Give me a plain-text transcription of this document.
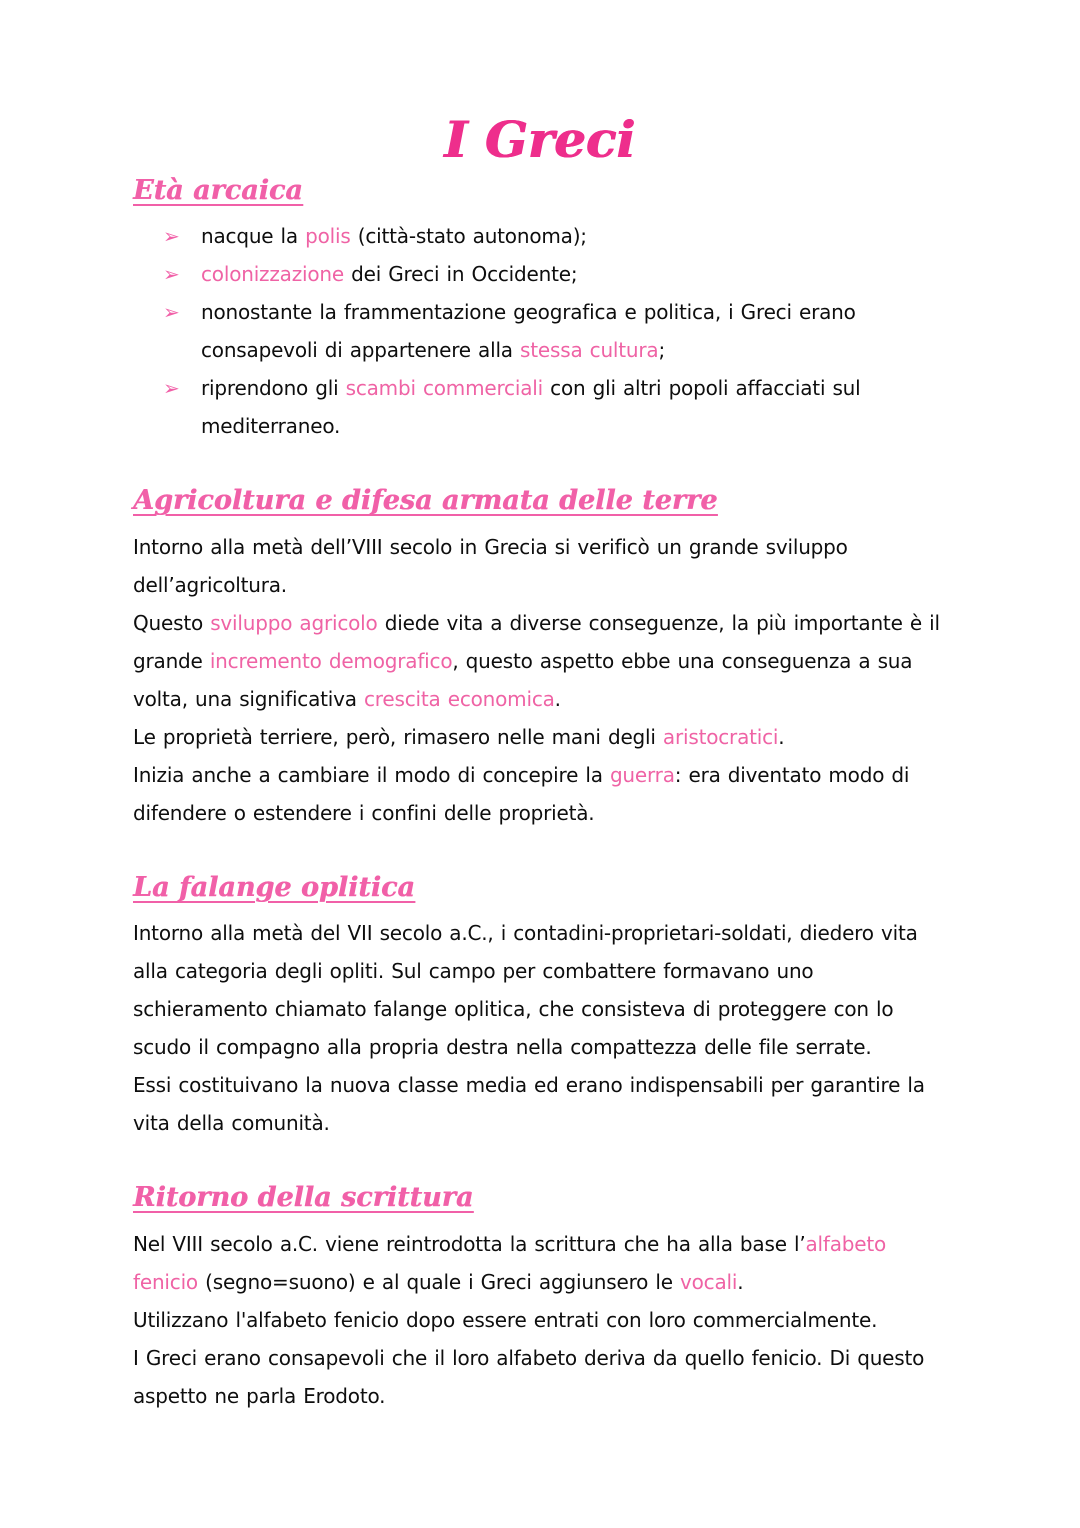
I Greci
Età arcaica
➢ nacque la polis (città-stato autonoma);
➢ colonizzazione dei Greci in Occidente;
➢ nonostante la frammentazione geografica e politica, i Greci erano consapevoli di appartenere alla stessa cultura;
➢ riprendono gli scambi commerciali con gli altri popoli affacciati sul mediterraneo.
Agricoltura e difesa armata delle terre

Intorno alla metà dell’VIII secolo in Grecia si verificò un grande sviluppo dell’agricoltura.

Questo sviluppo agricolo diede vita a diverse conseguenze, la più importante è il grande incremento demografico, questo aspetto ebbe una conseguenza a sua volta, una significativa crescita economica.

Le proprietà terriere, però, rimasero nelle mani degli aristocratici.

Inizia anche a cambiare il modo di concepire la guerra: era diventato modo di difendere o estendere i confini delle proprietà.

La falange oplitica

Intorno alla metà del VII secolo a.C., i contadini-proprietari-soldati, diedero vita alla categoria degli opliti. Sul campo per combattere formavano uno schieramento chiamato falange oplitica, che consisteva di proteggere con lo scudo il compagno alla propria destra nella compattezza delle file serrate.

Essi costituivano la nuova classe media ed erano indispensabili per garantire la vita della comunità.

Ritorno della scrittura

Nel VIII secolo a.C. viene reintrodotta la scrittura che ha alla base l’alfabeto fenicio (segno=suono) e al quale i Greci aggiunsero le vocali.

Utilizzano l'alfabeto fenicio dopo essere entrati con loro commercialmente.

I Greci erano consapevoli che il loro alfabeto deriva da quello fenicio. Di questo aspetto ne parla Erodoto.
